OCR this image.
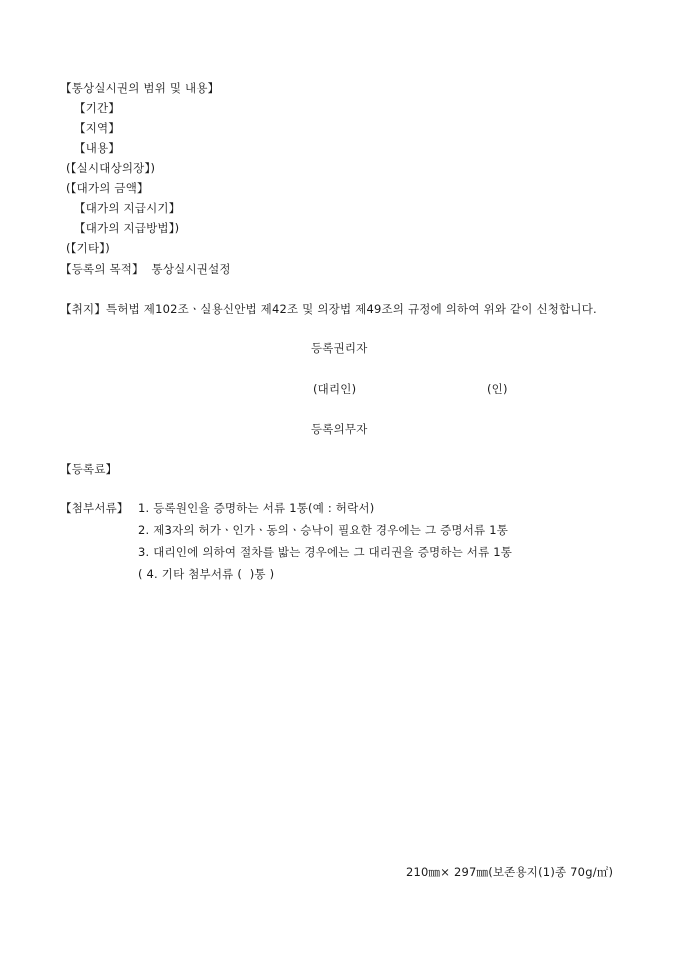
【통상실시권의 범위 및 내용】
【기간】
【지역】
【내용】
(【실시대상의장】)
(【대가의 금액】
【대가의 지급시기】
【대가의 지급방법】)
(【기타】)
【등록의 목적】 통상실시권설정
【취지】특허법 제102조ㆍ실용신안법 제42조 및 의장법 제49조의 규정에 의하여 위와 같이 신청합니다.
등록권리자
(대리인)	(인)
등록의무자
【등록료】
【첨부서류】 1. 등록원인을 증명하는 서류 1통(예 : 허락서)
2. 제3자의 허가ㆍ인가ㆍ동의ㆍ승낙이 필요한 경우에는 그 증명서류 1통
3. 대리인에 의하여 절차를 밟는 경우에는 그 대리권을 증명하는 서류 1통
( 4. 기타 첨부서류 (  )통 )
210㎜× 297㎜(보존용지(1)종 70g/㎡)
